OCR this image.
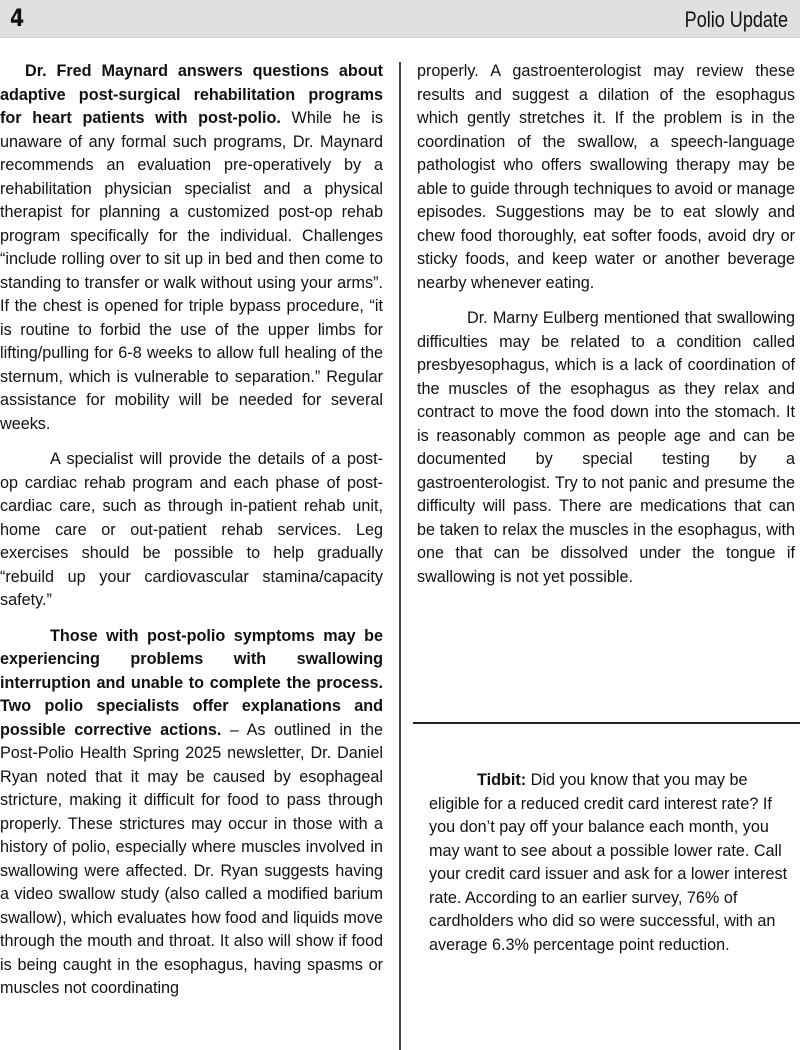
4	Polio Update

Dr. Fred Maynard answers questions about adaptive post-surgical rehabilitation programs for heart patients with post-polio. While he is unaware of any formal such programs, Dr. Maynard recommends an evaluation pre-operatively by a rehabilitation physician specialist and a physical therapist for planning a customized post-op rehab program specifically for the individual. Challenges “include rolling over to sit up in bed and then come to standing to transfer or walk without using your arms”. If the chest is opened for triple bypass procedure, “it is routine to forbid the use of the upper limbs for lifting/pulling for 6-8 weeks to allow full healing of the sternum, which is vulnerable to separation.” Regular assistance for mobility will be needed for several weeks.

A specialist will provide the details of a post-op cardiac rehab program and each phase of post-cardiac care, such as through in-patient rehab unit, home care or out-patient rehab services. Leg exercises should be possible to help gradually “rebuild up your cardiovascular stamina/capacity safety.”

Those with post-polio symptoms may be experiencing problems with swallowing interruption and unable to complete the process. Two polio specialists offer explanations and possible corrective actions. – As outlined in the Post-Polio Health Spring 2025 newsletter, Dr. Daniel Ryan noted that it may be caused by esophageal stricture, making it difficult for food to pass through properly. These strictures may occur in those with a history of polio, especially where muscles involved in swallowing were affected. Dr. Ryan suggests having a video swallow study (also called a modified barium swallow), which evaluates how food and liquids move through the mouth and throat. It also will show if food is being caught in the esophagus, having spasms or muscles not coordinating

properly. A gastroenterologist may review these results and suggest a dilation of the esophagus which gently stretches it. If the problem is in the coordination of the swallow, a speech-language pathologist who offers swallowing therapy may be able to guide through techniques to avoid or manage episodes. Suggestions may be to eat slowly and chew food thoroughly, eat softer foods, avoid dry or sticky foods, and keep water or another beverage nearby whenever eating.

Dr. Marny Eulberg mentioned that swallowing difficulties may be related to a condition called presbyesophagus, which is a lack of coordination of the muscles of the esophagus as they relax and contract to move the food down into the stomach. It is reasonably common as people age and can be documented by special testing by a gastroenterologist. Try to not panic and presume the difficulty will pass. There are medications that can be taken to relax the muscles in the esophagus, with one that can be dissolved under the tongue if swallowing is not yet possible.

Tidbit: Did you know that you may be eligible for a reduced credit card interest rate? If you don’t pay off your balance each month, you may want to see about a possible lower rate. Call your credit card issuer and ask for a lower interest rate. According to an earlier survey, 76% of cardholders who did so were successful, with an average 6.3% percentage point reduction.
